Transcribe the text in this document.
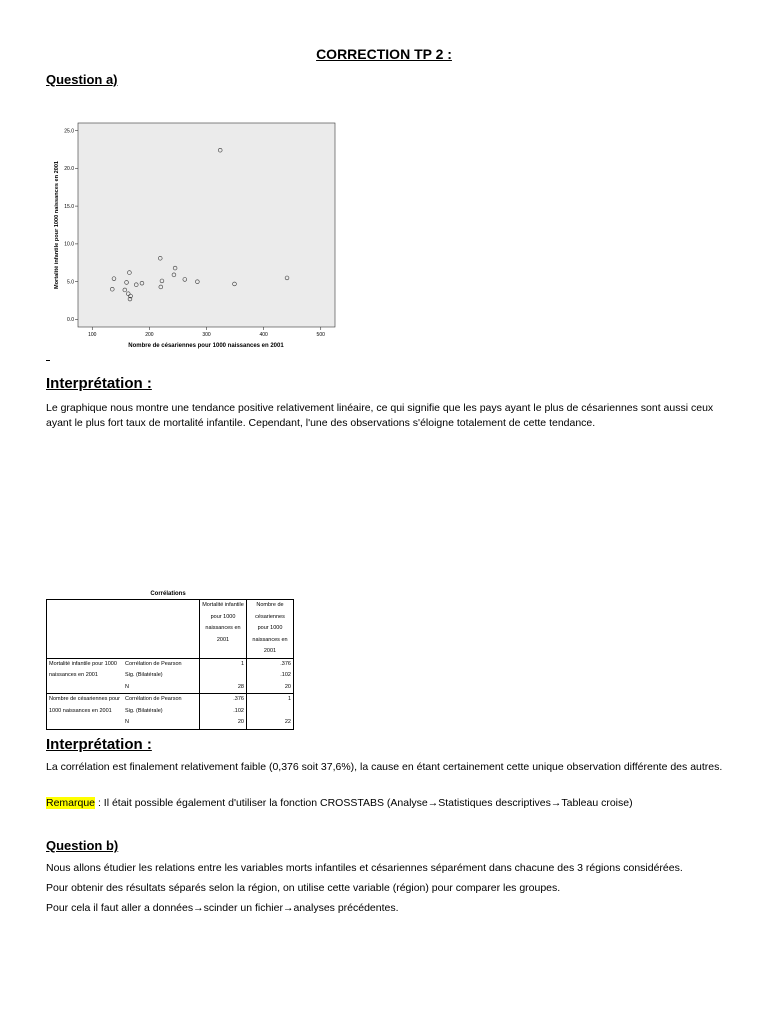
CORRECTION TP 2 :
Question a)
0.0
5.0
10.0
15.0
20.0
25.0
100	200	300	400	500
Mortalité infantile pour 1000 naissances en 2001
Nombre de césariennes pour 1000 naissances en 2001
Interprétation :
Le graphique nous montre une tendance positive relativement linéaire, ce qui signifie que les pays ayant le plus de césariennes sont aussi ceux ayant le plus fort taux de mortalité infantile. Cependant, l'une des observations s'éloigne totalement de cette tendance.
Corrélations
		Mortalité infantile pour 1000 naissances en 2001	Nombre de césariennes pour 1000 naissances en 2001
Mortalité infantile pour 1000 naissances en 2001	Corrélation de Pearson	1	.376
	Sig. (Bilatérale)		.102
	N	28	20
Nombre de césariennes pour 1000 naissances en 2001	Corrélation de Pearson	.376	1
	Sig. (Bilatérale)	.102	
	N	20	22
Interprétation :
La corrélation est finalement relativement faible (0,376 soit 37,6%), la cause en étant certainement cette unique observation différente des autres.
Remarque : Il était possible également d'utiliser la fonction CROSSTABS (Analyse→Statistiques descriptives→Tableau croise)
Question b)
Nous allons étudier les relations entre les variables morts infantiles et césariennes séparément dans chacune des 3 régions considérées.
Pour obtenir des résultats séparés selon la région, on utilise cette variable (région) pour comparer les groupes.
Pour cela il faut aller a données→scinder un fichier→analyses précédentes.
